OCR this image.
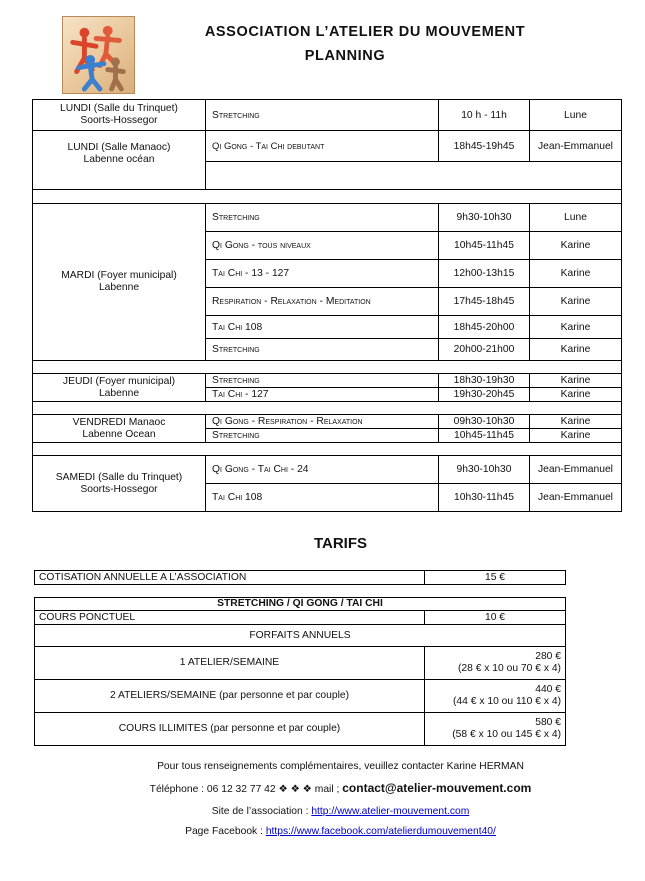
ASSOCIATION L’ATELIER DU MOUVEMENT
PLANNING
LUNDI (Salle du Trinquet)
Soorts-Hossegor	Stretching	10 h - 11h	Lune
LUNDI (Salle Manaoc)
Labenne océan	Qi Gong - Tai Chi debutant	18h45-19h45	Jean-Emmanuel

MARDI (Foyer municipal)
Labenne	Stretching	9h30-10h30	Lune
	Qi Gong - tous niveaux	10h45-11h45	Karine
	Tai Chi - 13 - 127	12h00-13h15	Karine
	Respiration - Relaxation - Meditation	17h45-18h45	Karine
	Tai Chi 108	18h45-20h00	Karine
	Stretching	20h00-21h00	Karine

JEUDI (Foyer municipal)
Labenne	Stretching	18h30-19h30	Karine
	Tai Chi - 127	19h30-20h45	Karine

VENDREDI Manaoc
Labenne Ocean	Qi Gong - Respiration - Relaxation	09h30-10h30	Karine
	Stretching	10h45-11h45	Karine

SAMEDI (Salle du Trinquet)
Soorts-Hossegor	Qi Gong - Tai Chi - 24	9h30-10h30	Jean-Emmanuel
	Tai Chi 108	10h30-11h45	Jean-Emmanuel
TARIFS
COTISATION ANNUELLE A L’ASSOCIATION	15 €
STRETCHING / QI GONG / TAI CHI	
COURS PONCTUEL	10 €
FORFAITS ANNUELS	
1 ATELIER/SEMAINE	280 €
(28 € x 10 ou 70 € x 4)
2 ATELIERS/SEMAINE (par personne et par couple)	440 €
(44 € x 10 ou 110 € x 4)
COURS ILLIMITES (par personne et par couple)	580 €
(58 € x 10 ou 145 € x 4)
Pour tous renseignements complémentaires, veuillez contacter Karine HERMAN
Téléphone : 06 12 32 77 42 ❖ ❖ ❖ mail ; contact@atelier-mouvement.com
Site de l’association : http://www.atelier-mouvement.com
Page Facebook : https://www.facebook.com/atelierdumouvement40/
